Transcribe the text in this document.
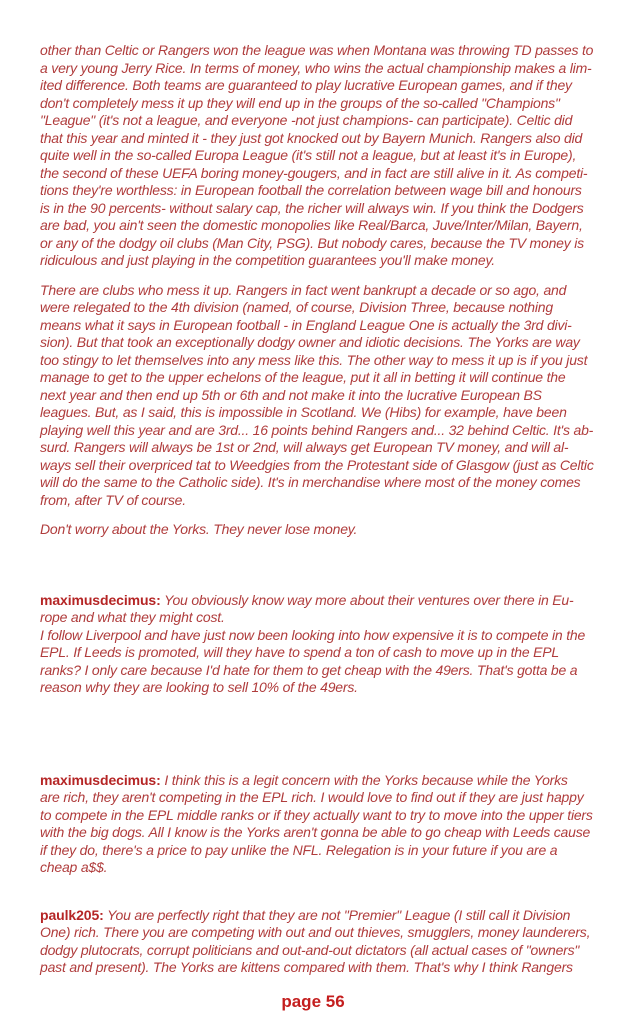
other than Celtic or Rangers won the league was when Montana was throwing TD passes to
a very young Jerry Rice. In terms of money, who wins the actual championship makes a lim-
ited difference. Both teams are guaranteed to play lucrative European games, and if they
don't completely mess it up they will end up in the groups of the so-called "Champions"
"League" (it's not a league, and everyone -not just champions- can participate). Celtic did
that this year and minted it - they just got knocked out by Bayern Munich. Rangers also did
quite well in the so-called Europa League (it's still not a league, but at least it's in Europe),
the second of these UEFA boring money-gougers, and in fact are still alive in it. As competi-
tions they're worthless: in European football the correlation between wage bill and honours
is in the 90 percents- without salary cap, the richer will always win. If you think the Dodgers
are bad, you ain't seen the domestic monopolies like Real/Barca, Juve/Inter/Milan, Bayern,
or any of the dodgy oil clubs (Man City, PSG). But nobody cares, because the TV money is
ridiculous and just playing in the competition guarantees you'll make money.
There are clubs who mess it up. Rangers in fact went bankrupt a decade or so ago, and
were relegated to the 4th division (named, of course, Division Three, because nothing
means what it says in European football - in England League One is actually the 3rd divi-
sion). But that took an exceptionally dodgy owner and idiotic decisions. The Yorks are way
too stingy to let themselves into any mess like this. The other way to mess it up is if you just
manage to get to the upper echelons of the league, put it all in betting it will continue the
next year and then end up 5th or 6th and not make it into the lucrative European BS
leagues. But, as I said, this is impossible in Scotland. We (Hibs) for example, have been
playing well this year and are 3rd... 16 points behind Rangers and... 32 behind Celtic. It's ab-
surd. Rangers will always be 1st or 2nd, will always get European TV money, and will al-
ways sell their overpriced tat to Weedgies from the Protestant side of Glasgow (just as Celtic
will do the same to the Catholic side). It's in merchandise where most of the money comes
from, after TV of course.
Don't worry about the Yorks. They never lose money.
maximusdecimus: You obviously know way more about their ventures over there in Eu-
rope and what they might cost.
I follow Liverpool and have just now been looking into how expensive it is to compete in the
EPL. If Leeds is promoted, will they have to spend a ton of cash to move up in the EPL
ranks? I only care because I'd hate for them to get cheap with the 49ers. That's gotta be a
reason why they are looking to sell 10% of the 49ers.
maximusdecimus: I think this is a legit concern with the Yorks because while the Yorks
are rich, they aren't competing in the EPL rich. I would love to find out if they are just happy
to compete in the EPL middle ranks or if they actually want to try to move into the upper tiers
with the big dogs. All I know is the Yorks aren't gonna be able to go cheap with Leeds cause
if they do, there's a price to pay unlike the NFL. Relegation is in your future if you are a
cheap a$$.
paulk205: You are perfectly right that they are not "Premier" League (I still call it Division
One) rich. There you are competing with out and out thieves, smugglers, money launderers,
dodgy plutocrats, corrupt politicians and out-and-out dictators (all actual cases of "owners"
past and present). The Yorks are kittens compared with them. That's why I think Rangers
page 56
